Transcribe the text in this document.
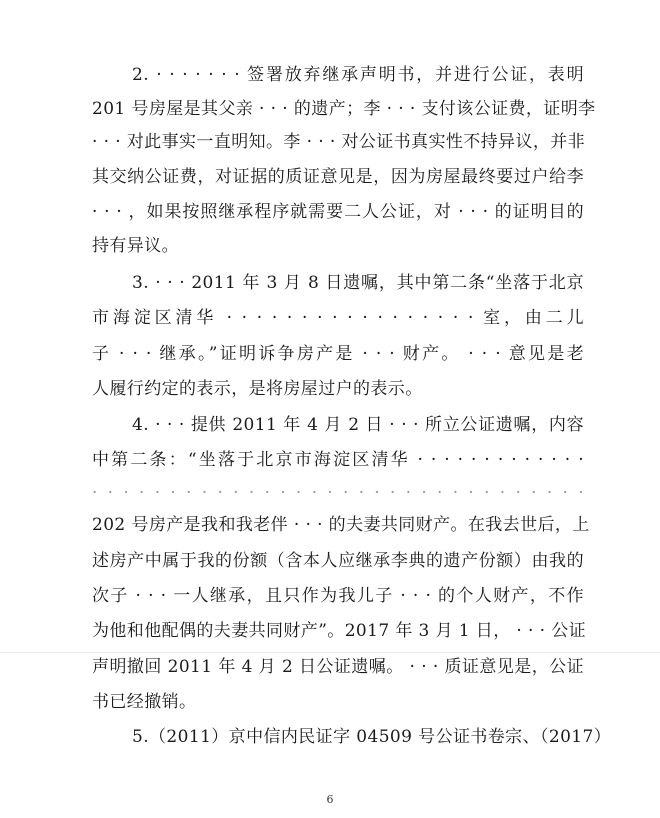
2. · · · · · · · 签署放弃继承声明书，并进行公证，表明
201 号房屋是其父亲 · · · 的遗产；李 · · · 支付该公证费，证明李
· · · 对此事实一直明知。李 · · · 对公证书真实性不持异议，并非
其交纳公证费，对证据的质证意见是，因为房屋最终要过户给李
· · · ，如果按照继承程序就需要二人公证，对 · · · 的证明目的
持有异议。
3. · · · 2011 年 3 月 8 日遗嘱，其中第二条“坐落于北京
市海淀区清华 · · · · · · · · · · · · · · · · · 室，由二儿
子 · · · 继承。”证明诉争房产是 · · · 财产。 · · · 意见是老
人履行约定的表示，是将房屋过户的表示。
4. · · · 提供 2011 年 4 月 2 日 · · · 所立公证遗嘱，内容
中第二条：“坐落于北京市海淀区清华 · · · · · · · · · · · · ·
· · · · · · · · · · · · · · · · · · · · · · · · · · · · · · · ·
202 号房产是我和我老伴 · · · 的夫妻共同财产。在我去世后，上
述房产中属于我的份额（含本人应继承李典的遗产份额）由我的
次子 · · · 一人继承，且只作为我儿子 · · · 的个人财产，不作
为他和他配偶的夫妻共同财产”。2017 年 3 月 1 日， · · · 公证
声明撤回 2011 年 4 月 2 日公证遗嘱。 · · · 质证意见是，公证
书已经撤销。
5.（2011）京中信内民证字 04509 号公证书卷宗、（2017）
6
